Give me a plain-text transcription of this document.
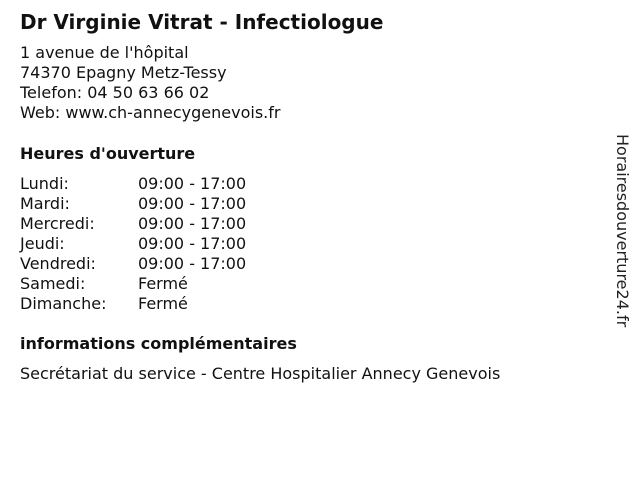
Dr Virginie Vitrat - Infectiologue
1 avenue de l'hôpital
74370 Epagny Metz-Tessy
Telefon: 04 50 63 66 02
Web: www.ch-annecygenevois.fr
Heures d'ouverture
Lundi:	09:00 - 17:00
Mardi:	09:00 - 17:00
Mercredi:	09:00 - 17:00
Jeudi:	09:00 - 17:00
Vendredi:	09:00 - 17:00
Samedi:	Fermé
Dimanche: Fermé
informations complémentaires
Secrétariat du service - Centre Hospitalier Annecy Genevois
Horairesdouverture24.fr
